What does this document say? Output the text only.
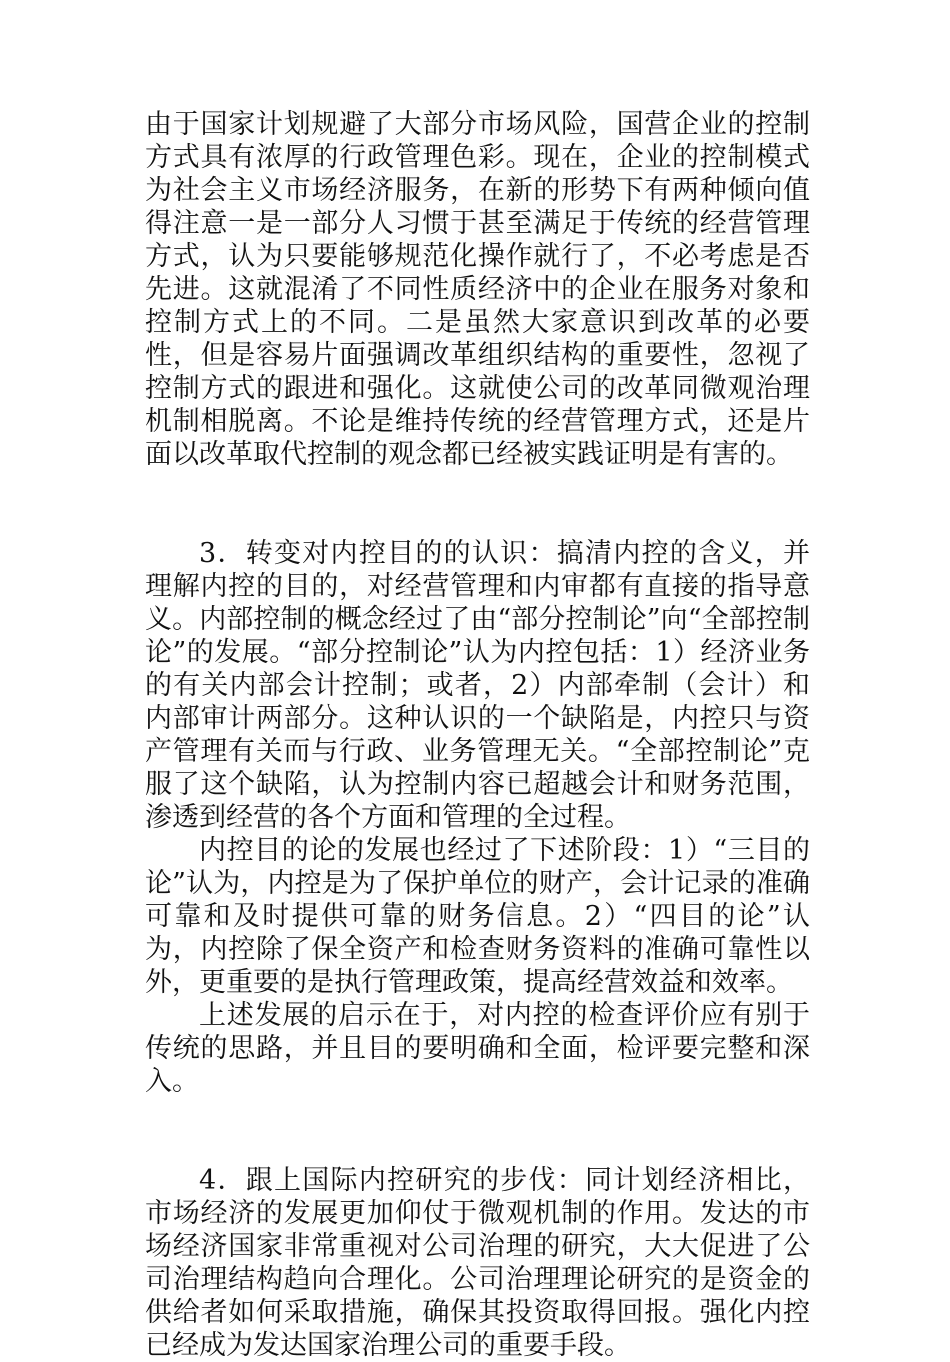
由于国家计划规避了大部分市场风险，国营企业的控制方式具有浓厚的行政管理色彩。现在，企业的控制模式为社会主义市场经济服务，在新的形势下有两种倾向值得注意一是一部分人习惯于甚至满足于传统的经营管理方式，认为只要能够规范化操作就行了，不必考虑是否先进。这就混淆了不同性质经济中的企业在服务对象和控制方式上的不同。二是虽然大家意识到改革的必要性，但是容易片面强调改革组织结构的重要性，忽视了控制方式的跟进和强化。这就使公司的改革同微观治理机制相脱离。不论是维持传统的经营管理方式，还是片面以改革取代控制的观念都已经被实践证明是有害的。

3．转变对内控目的的认识：搞清内控的含义，并理解内控的目的，对经营管理和内审都有直接的指导意义。内部控制的概念经过了由“部分控制论”向“全部控制论”的发展。“部分控制论”认为内控包括：1）经济业务的有关内部会计控制；或者，2）内部牵制（会计）和内部审计两部分。这种认识的一个缺陷是，内控只与资产管理有关而与行政、业务管理无关。“全部控制论”克服了这个缺陷，认为控制内容已超越会计和财务范围，渗透到经营的各个方面和管理的全过程。

内控目的论的发展也经过了下述阶段：1）“三目的论”认为，内控是为了保护单位的财产，会计记录的准确可靠和及时提供可靠的财务信息。2）“四目的论”认为，内控除了保全资产和检查财务资料的准确可靠性以外，更重要的是执行管理政策，提高经营效益和效率。

上述发展的启示在于，对内控的检查评价应有别于传统的思路，并且目的要明确和全面，检评要完整和深入。

4．跟上国际内控研究的步伐：同计划经济相比，市场经济的发展更加仰仗于微观机制的作用。发达的市场经济国家非常重视对公司治理的研究，大大促进了公司治理结构趋向合理化。公司治理理论研究的是资金的供给者如何采取措施，确保其投资取得回报。强化内控已经成为发达国家治理公司的重要手段。
